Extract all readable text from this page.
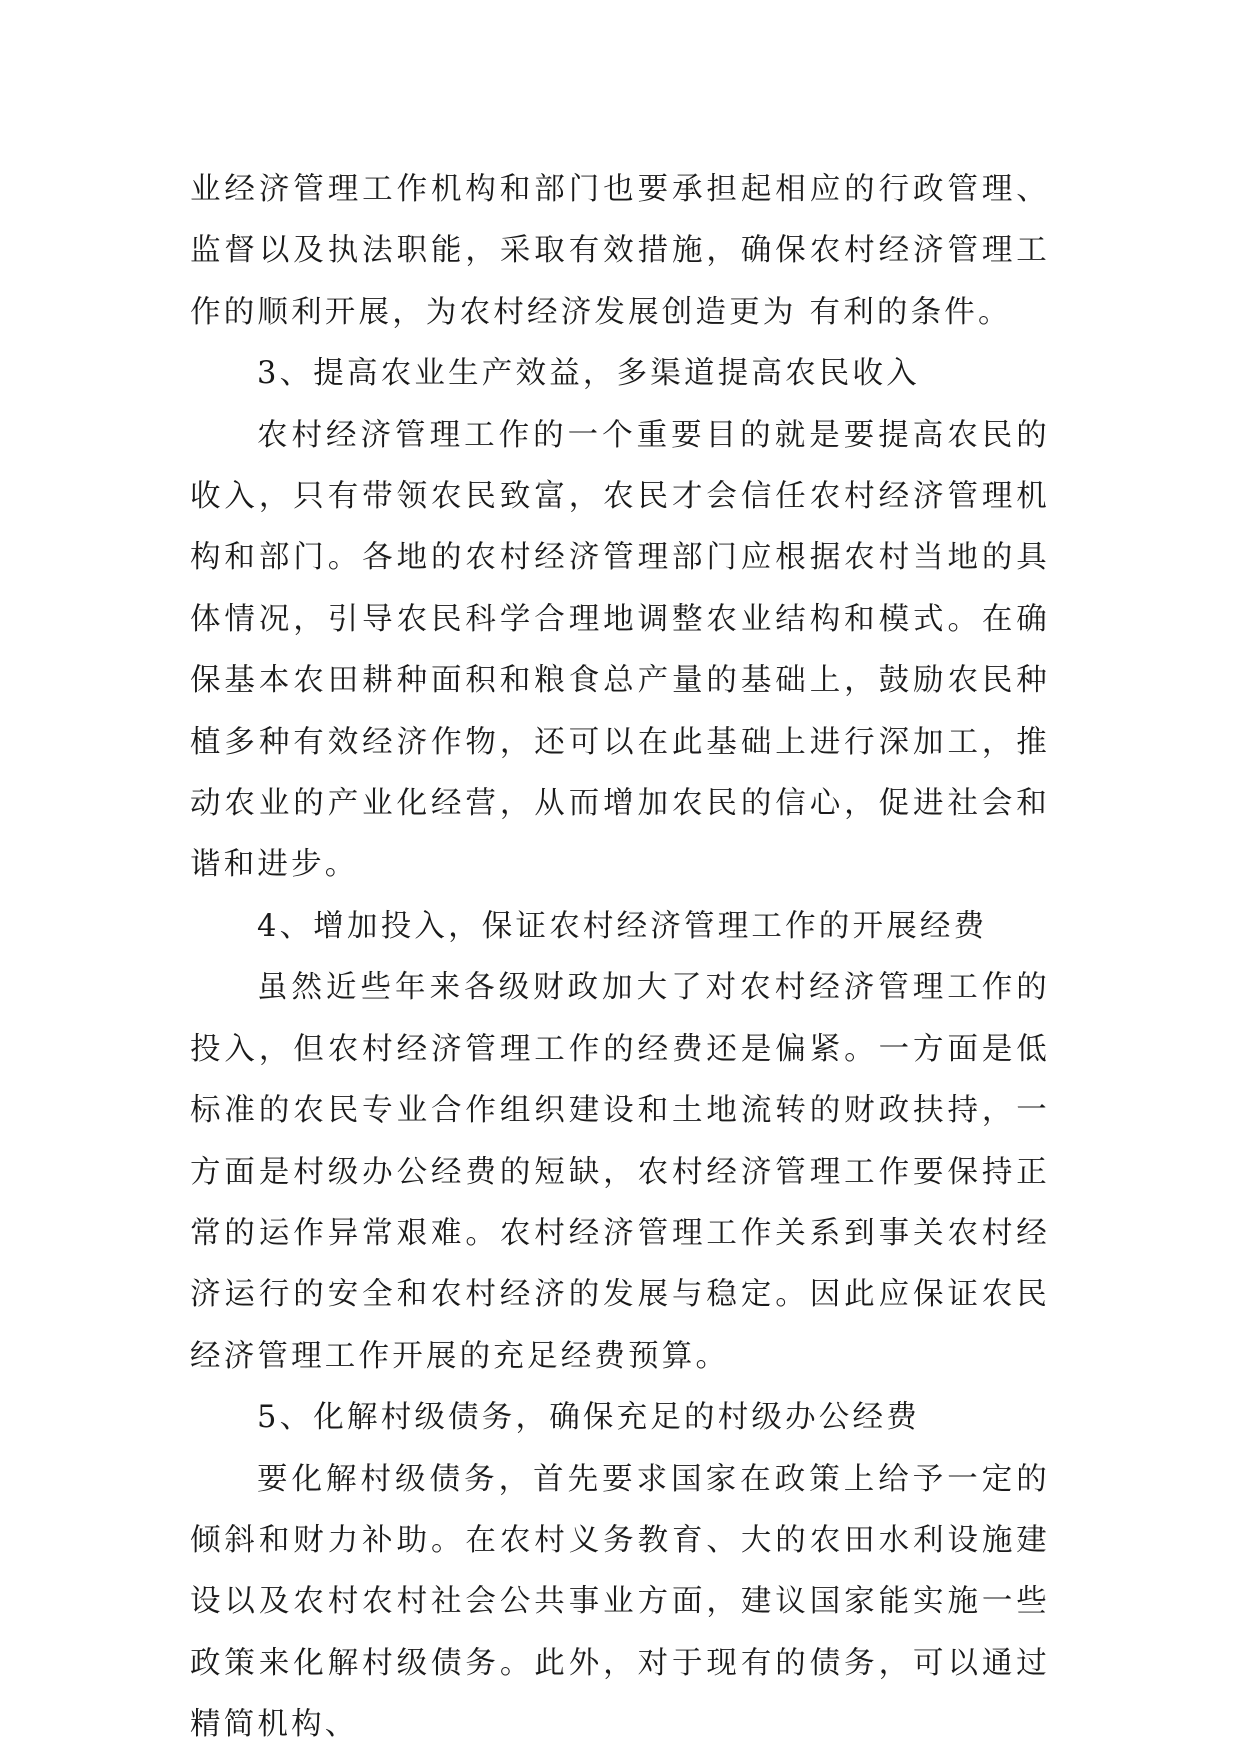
业经济管理工作机构和部门也要承担起相应的行政管理、监督以及执法职能，采取有效措施，确保农村经济管理工作的顺利开展，为农村经济发展创造更为 有利的条件。

3、提高农业生产效益，多渠道提高农民收入

农村经济管理工作的一个重要目的就是要提高农民的收入，只有带领农民致富，农民才会信任农村经济管理机构和部门。各地的农村经济管理部门应根据农村当地的具体情况，引导农民科学合理地调整农业结构和模式。在确保基本农田耕种面积和粮食总产量的基础上，鼓励农民种植多种有效经济作物，还可以在此基础上进行深加工，推动农业的产业化经营，从而增加农民的信心，促进社会和谐和进步。

4、增加投入，保证农村经济管理工作的开展经费

虽然近些年来各级财政加大了对农村经济管理工作的投入，但农村经济管理工作的经费还是偏紧。一方面是低标准的农民专业合作组织建设和土地流转的财政扶持，一方面是村级办公经费的短缺，农村经济管理工作要保持正常的运作异常艰难。农村经济管理工作关系到事关农村经济运行的安全和农村经济的发展与稳定。因此应保证农民经济管理工作开展的充足经费预算。

5、化解村级债务，确保充足的村级办公经费

要化解村级债务，首先要求国家在政策上给予一定的倾斜和财力补助。在农村义务教育、大的农田水利设施建设以及农村农村社会公共事业方面，建议国家能实施一些政策来化解村级债务。此外，对于现有的债务，可以通过精简机构、
